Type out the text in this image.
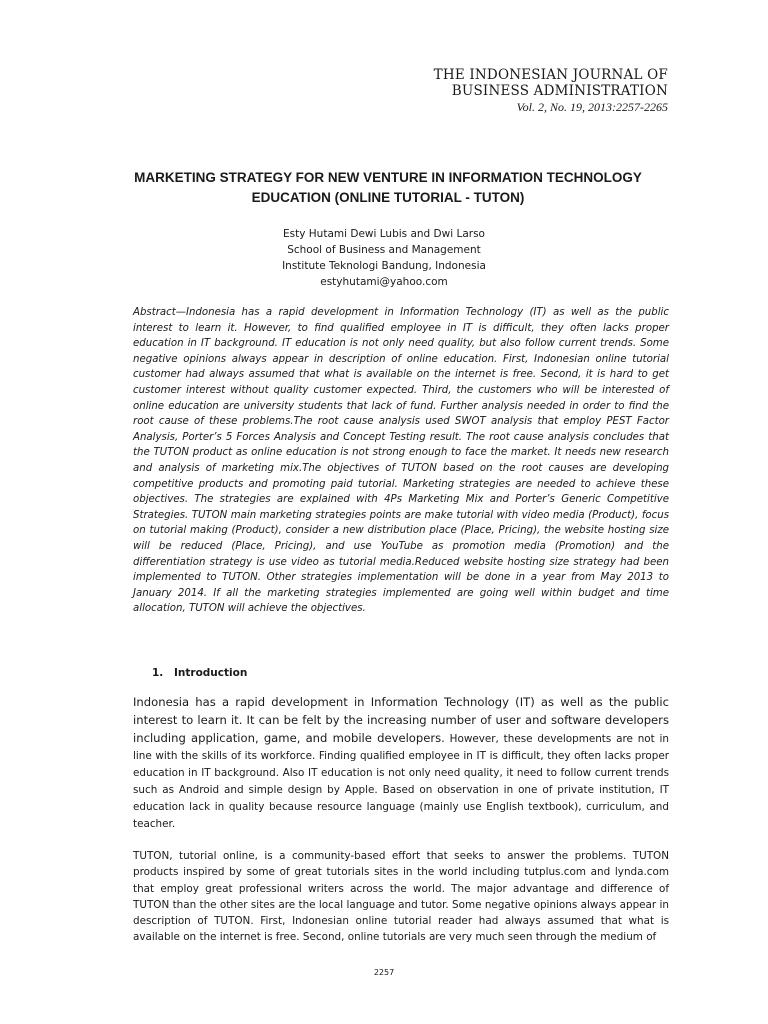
THE INDONESIAN JOURNAL OF
BUSINESS ADMINISTRATION
Vol. 2, No. 19, 2013:2257-2265
MARKETING STRATEGY FOR NEW VENTURE IN INFORMATION TECHNOLOGY
EDUCATION (ONLINE TUTORIAL - TUTON)
Esty Hutami Dewi Lubis and Dwi Larso
School of Business and Management
Institute Teknologi Bandung, Indonesia
estyhutami@yahoo.com
Abstract—Indonesia has a rapid development in Information Technology (IT) as well as the public interest to learn it. However, to find qualified employee in IT is difficult, they often lacks proper education in IT background. IT education is not only need quality, but also follow current trends. Some negative opinions always appear in description of online education. First, Indonesian online tutorial customer had always assumed that what is available on the internet is free. Second, it is hard to get customer interest without quality customer expected. Third, the customers who will be interested of online education are university students that lack of fund. Further analysis needed in order to find the root cause of these problems.The root cause analysis used SWOT analysis that employ PEST Factor Analysis, Porter’s 5 Forces Analysis and Concept Testing result. The root cause analysis concludes that the TUTON product as online education is not strong enough to face the market. It needs new research and analysis of marketing mix.The objectives of TUTON based on the root causes are developing competitive products and promoting paid tutorial. Marketing strategies are needed to achieve these objectives. The strategies are explained with 4Ps Marketing Mix and Porter’s Generic Competitive Strategies. TUTON main marketing strategies points are make tutorial with video media (Product), focus on tutorial making (Product), consider a new distribution place (Place, Pricing), the website hosting size will be reduced (Place, Pricing), and use YouTube as promotion media (Promotion) and the differentiation strategy is use video as tutorial media.Reduced website hosting size strategy had been implemented to TUTON. Other strategies implementation will be done in a year from May 2013 to January 2014. If all the marketing strategies implemented are going well within budget and time allocation, TUTON will achieve the objectives.
1. Introduction
Indonesia has a rapid development in Information Technology (IT) as well as the public interest to learn it. It can be felt by the increasing number of user and software developers including application, game, and mobile developers. However, these developments are not in line with the skills of its workforce. Finding qualified employee in IT is difficult, they often lacks proper education in IT background. Also IT education is not only need quality, it need to follow current trends such as Android and simple design by Apple. Based on observation in one of private institution, IT education lack in quality because resource language (mainly use English textbook), curriculum, and teacher.
TUTON, tutorial online, is a community-based effort that seeks to answer the problems. TUTON products inspired by some of great tutorials sites in the world including tutplus.com and lynda.com that employ great professional writers across the world. The major advantage and difference of TUTON than the other sites are the local language and tutor. Some negative opinions always appear in description of TUTON. First, Indonesian online tutorial reader had always assumed that what is available on the internet is free. Second, online tutorials are very much seen through the medium of
2257
